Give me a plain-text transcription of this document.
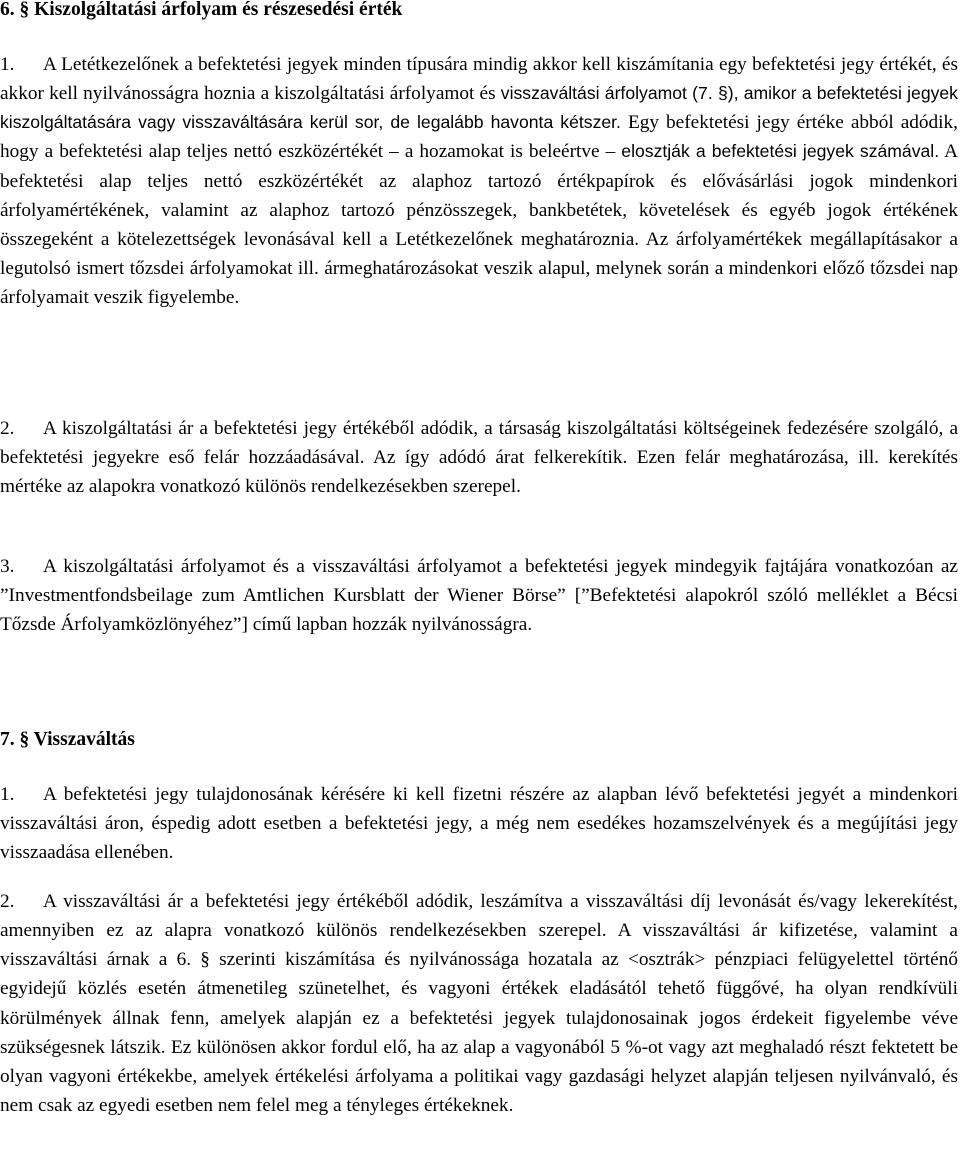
6. § Kiszolgáltatási árfolyam és részesedési érték
1. A Letétkezelőnek a befektetési jegyek minden típusára mindig akkor kell kiszámítania egy befektetési jegy értékét, és akkor kell nyilvánosságra hoznia a kiszolgáltatási árfolyamot és visszaváltási árfolyamot (7. §), amikor a befektetési jegyek kiszolgáltatására vagy visszaváltására kerül sor, de legalább havonta kétszer. Egy befektetési jegy értéke abból adódik, hogy a befektetési alap teljes nettó eszközértékét – a hozamokat is beleértve – elosztják a befektetési jegyek számával. A befektetési alap teljes nettó eszközértékét az alaphoz tartozó értékpapírok és elővásárlási jogok mindenkori árfolyamértékének, valamint az alaphoz tartozó pénzösszegek, bankbetétek, követelések és egyéb jogok értékének összegeként a kötelezettségek levonásával kell a Letétkezelőnek meghatároznia. Az árfolyamértékek megállapításakor a legutolsó ismert tőzsdei árfolyamokat ill. ármeghatározásokat veszik alapul, melynek során a mindenkori előző tőzsdei nap árfolyamait veszik figyelembe.
2. A kiszolgáltatási ár a befektetési jegy értékéből adódik, a társaság kiszolgáltatási költségeinek fedezésére szolgáló, a befektetési jegyekre eső felár hozzáadásával. Az így adódó árat felkerekítik. Ezen felár meghatározása, ill. kerekítés mértéke az alapokra vonatkozó különös rendelkezésekben szerepel.
3. A kiszolgáltatási árfolyamot és a visszaváltási árfolyamot a befektetési jegyek mindegyik fajtájára vonatkozóan az ”Investmentfondsbeilage zum Amtlichen Kursblatt der Wiener Börse” [”Befektetési alapokról szóló melléklet a Bécsi Tőzsde Árfolyamközlönyéhez”] című lapban hozzák nyilvánosságra.
7. § Visszaváltás
1. A befektetési jegy tulajdonosának kérésére ki kell fizetni részére az alapban lévő befektetési jegyét a mindenkori visszaváltási áron, éspedig adott esetben a befektetési jegy, a még nem esedékes hozamszelvények és a megújítási jegy visszaadása ellenében.
2. A visszaváltási ár a befektetési jegy értékéből adódik, leszámítva a visszaváltási díj levonását és/vagy lekerekítést, amennyiben ez az alapra vonatkozó különös rendelkezésekben szerepel. A visszaváltási ár kifizetése, valamint a visszaváltási árnak a 6. § szerinti kiszámítása és nyilvánossága hozatala az <osztrák> pénzpiaci felügyelettel történő egyidejű közlés esetén átmenetileg szünetelhet, és vagyoni értékek eladásától tehető függővé, ha olyan rendkívüli körülmények állnak fenn, amelyek alapján ez a befektetési jegyek tulajdonosainak jogos érdekeit figyelembe véve szükségesnek látszik. Ez különösen akkor fordul elő, ha az alap a vagyonából 5 %-ot vagy azt meghaladó részt fektetett be olyan vagyoni értékekbe, amelyek értékelési árfolyama a politikai vagy gazdasági helyzet alapján teljesen nyilvánvaló, és nem csak az egyedi esetben nem felel meg a tényleges értékeknek.
